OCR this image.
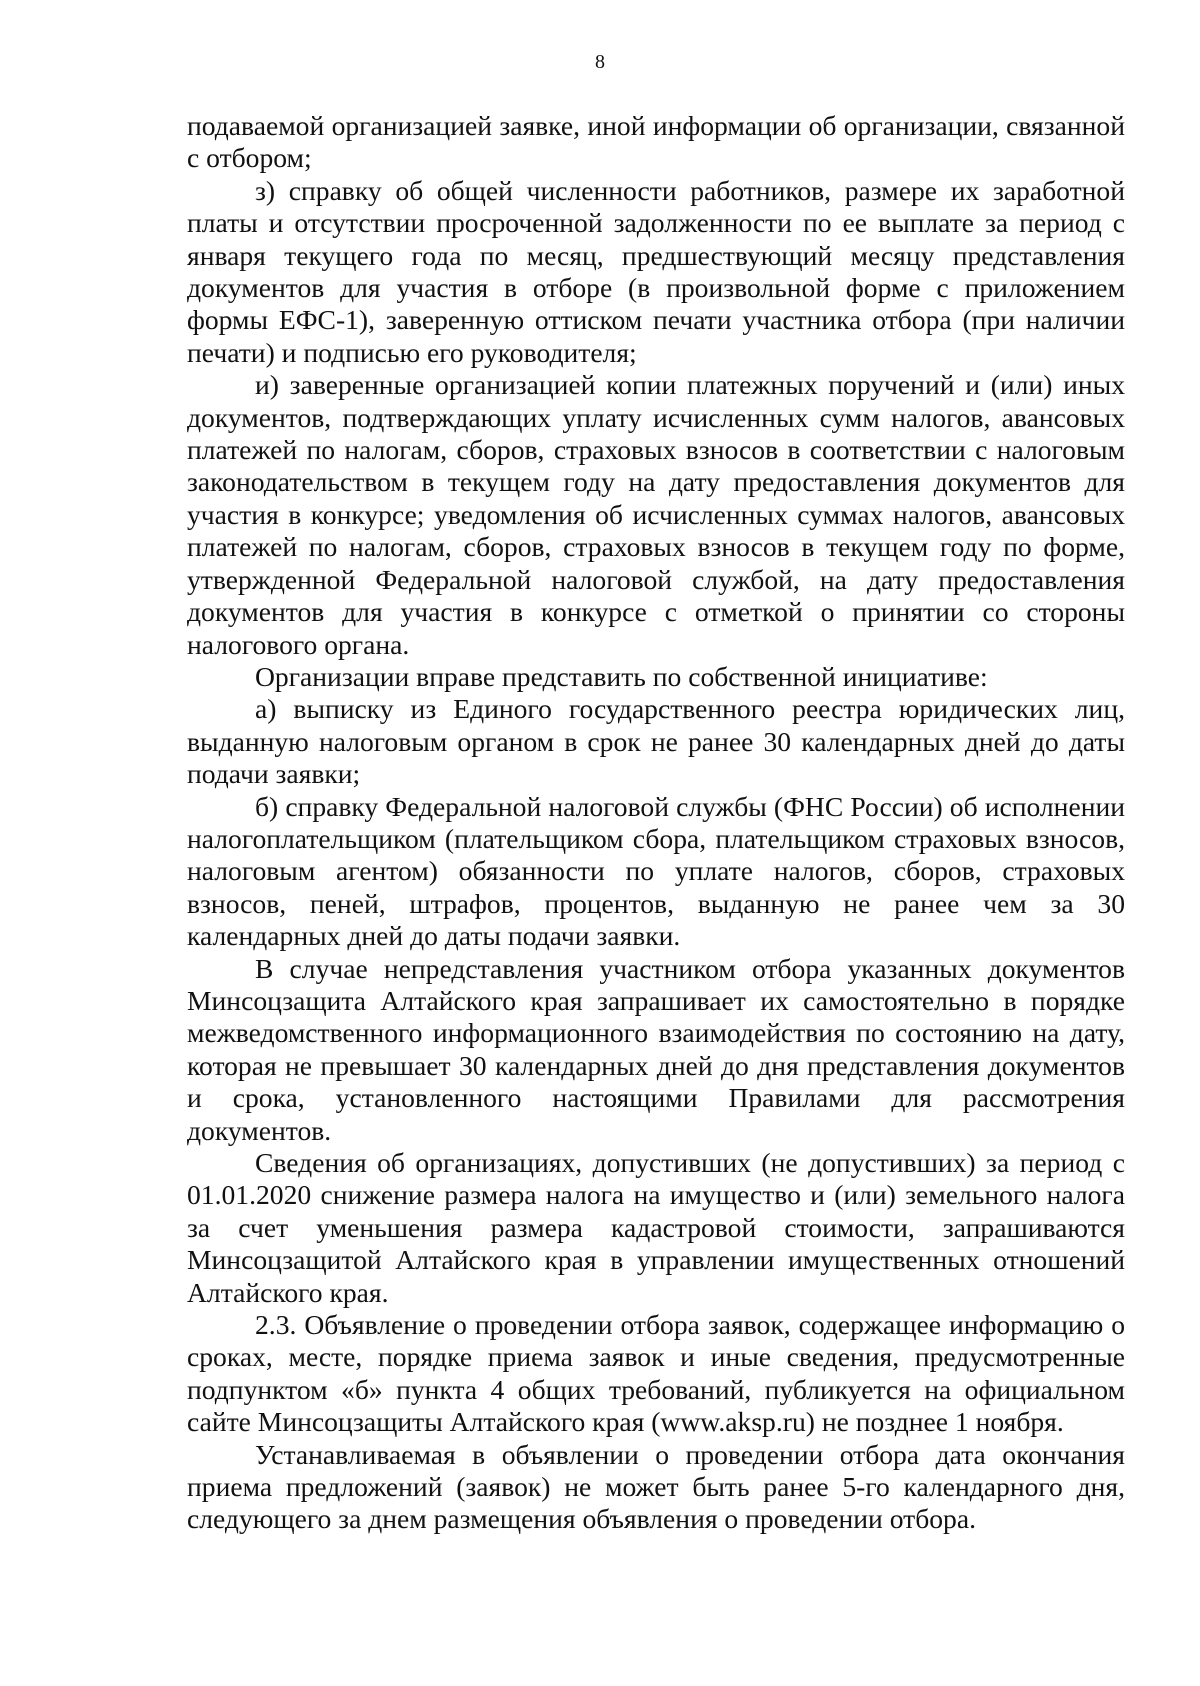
8

подаваемой организацией заявке, иной информации об организации, связанной с отбором;

з) справку об общей численности работников, размере их заработной платы и отсутствии просроченной задолженности по ее выплате за период с января текущего года по месяц, предшествующий месяцу представления документов для участия в отборе (в произвольной форме с приложением формы ЕФС-1), заверенную оттиском печати участника отбора (при наличии печати) и подписью его руководителя;

и) заверенные организацией копии платежных поручений и (или) иных документов, подтверждающих уплату исчисленных сумм налогов, авансовых платежей по налогам, сборов, страховых взносов в соответствии с налоговым законодательством в текущем году на дату предоставления документов для участия в конкурсе; уведомления об исчисленных суммах налогов, авансовых платежей по налогам, сборов, страховых взносов в текущем году по форме, утвержденной Федеральной налоговой службой, на дату предоставления документов для участия в конкурсе с отметкой о принятии со стороны налогового органа.

Организации вправе представить по собственной инициативе:

а) выписку из Единого государственного реестра юридических лиц, выданную налоговым органом в срок не ранее 30 календарных дней до даты подачи заявки;

б) справку Федеральной налоговой службы (ФНС России) об исполнении налогоплательщиком (плательщиком сбора, плательщиком страховых взносов, налоговым агентом) обязанности по уплате налогов, сборов, страховых взносов, пеней, штрафов, процентов, выданную не ранее чем за 30 календарных дней до даты подачи заявки.

В случае непредставления участником отбора указанных документов Минсоцзащита Алтайского края запрашивает их самостоятельно в порядке межведомственного информационного взаимодействия по состоянию на дату, которая не превышает 30 календарных дней до дня представления документов и срока, установленного настоящими Правилами для рассмотрения документов.

Сведения об организациях, допустивших (не допустивших) за период с 01.01.2020 снижение размера налога на имущество и (или) земельного налога за счет уменьшения размера кадастровой стоимости, запрашиваются Минсоцзащитой Алтайского края в управлении имущественных отношений Алтайского края.

2.3. Объявление о проведении отбора заявок, содержащее информацию о сроках, месте, порядке приема заявок и иные сведения, предусмотренные подпунктом «б» пункта 4 общих требований, публикуется на официальном сайте Минсоцзащиты Алтайского края (www.aksp.ru) не позднее 1 ноября.

Устанавливаемая в объявлении о проведении отбора дата окончания приема предложений (заявок) не может быть ранее 5-го календарного дня, следующего за днем размещения объявления о проведении отбора.
